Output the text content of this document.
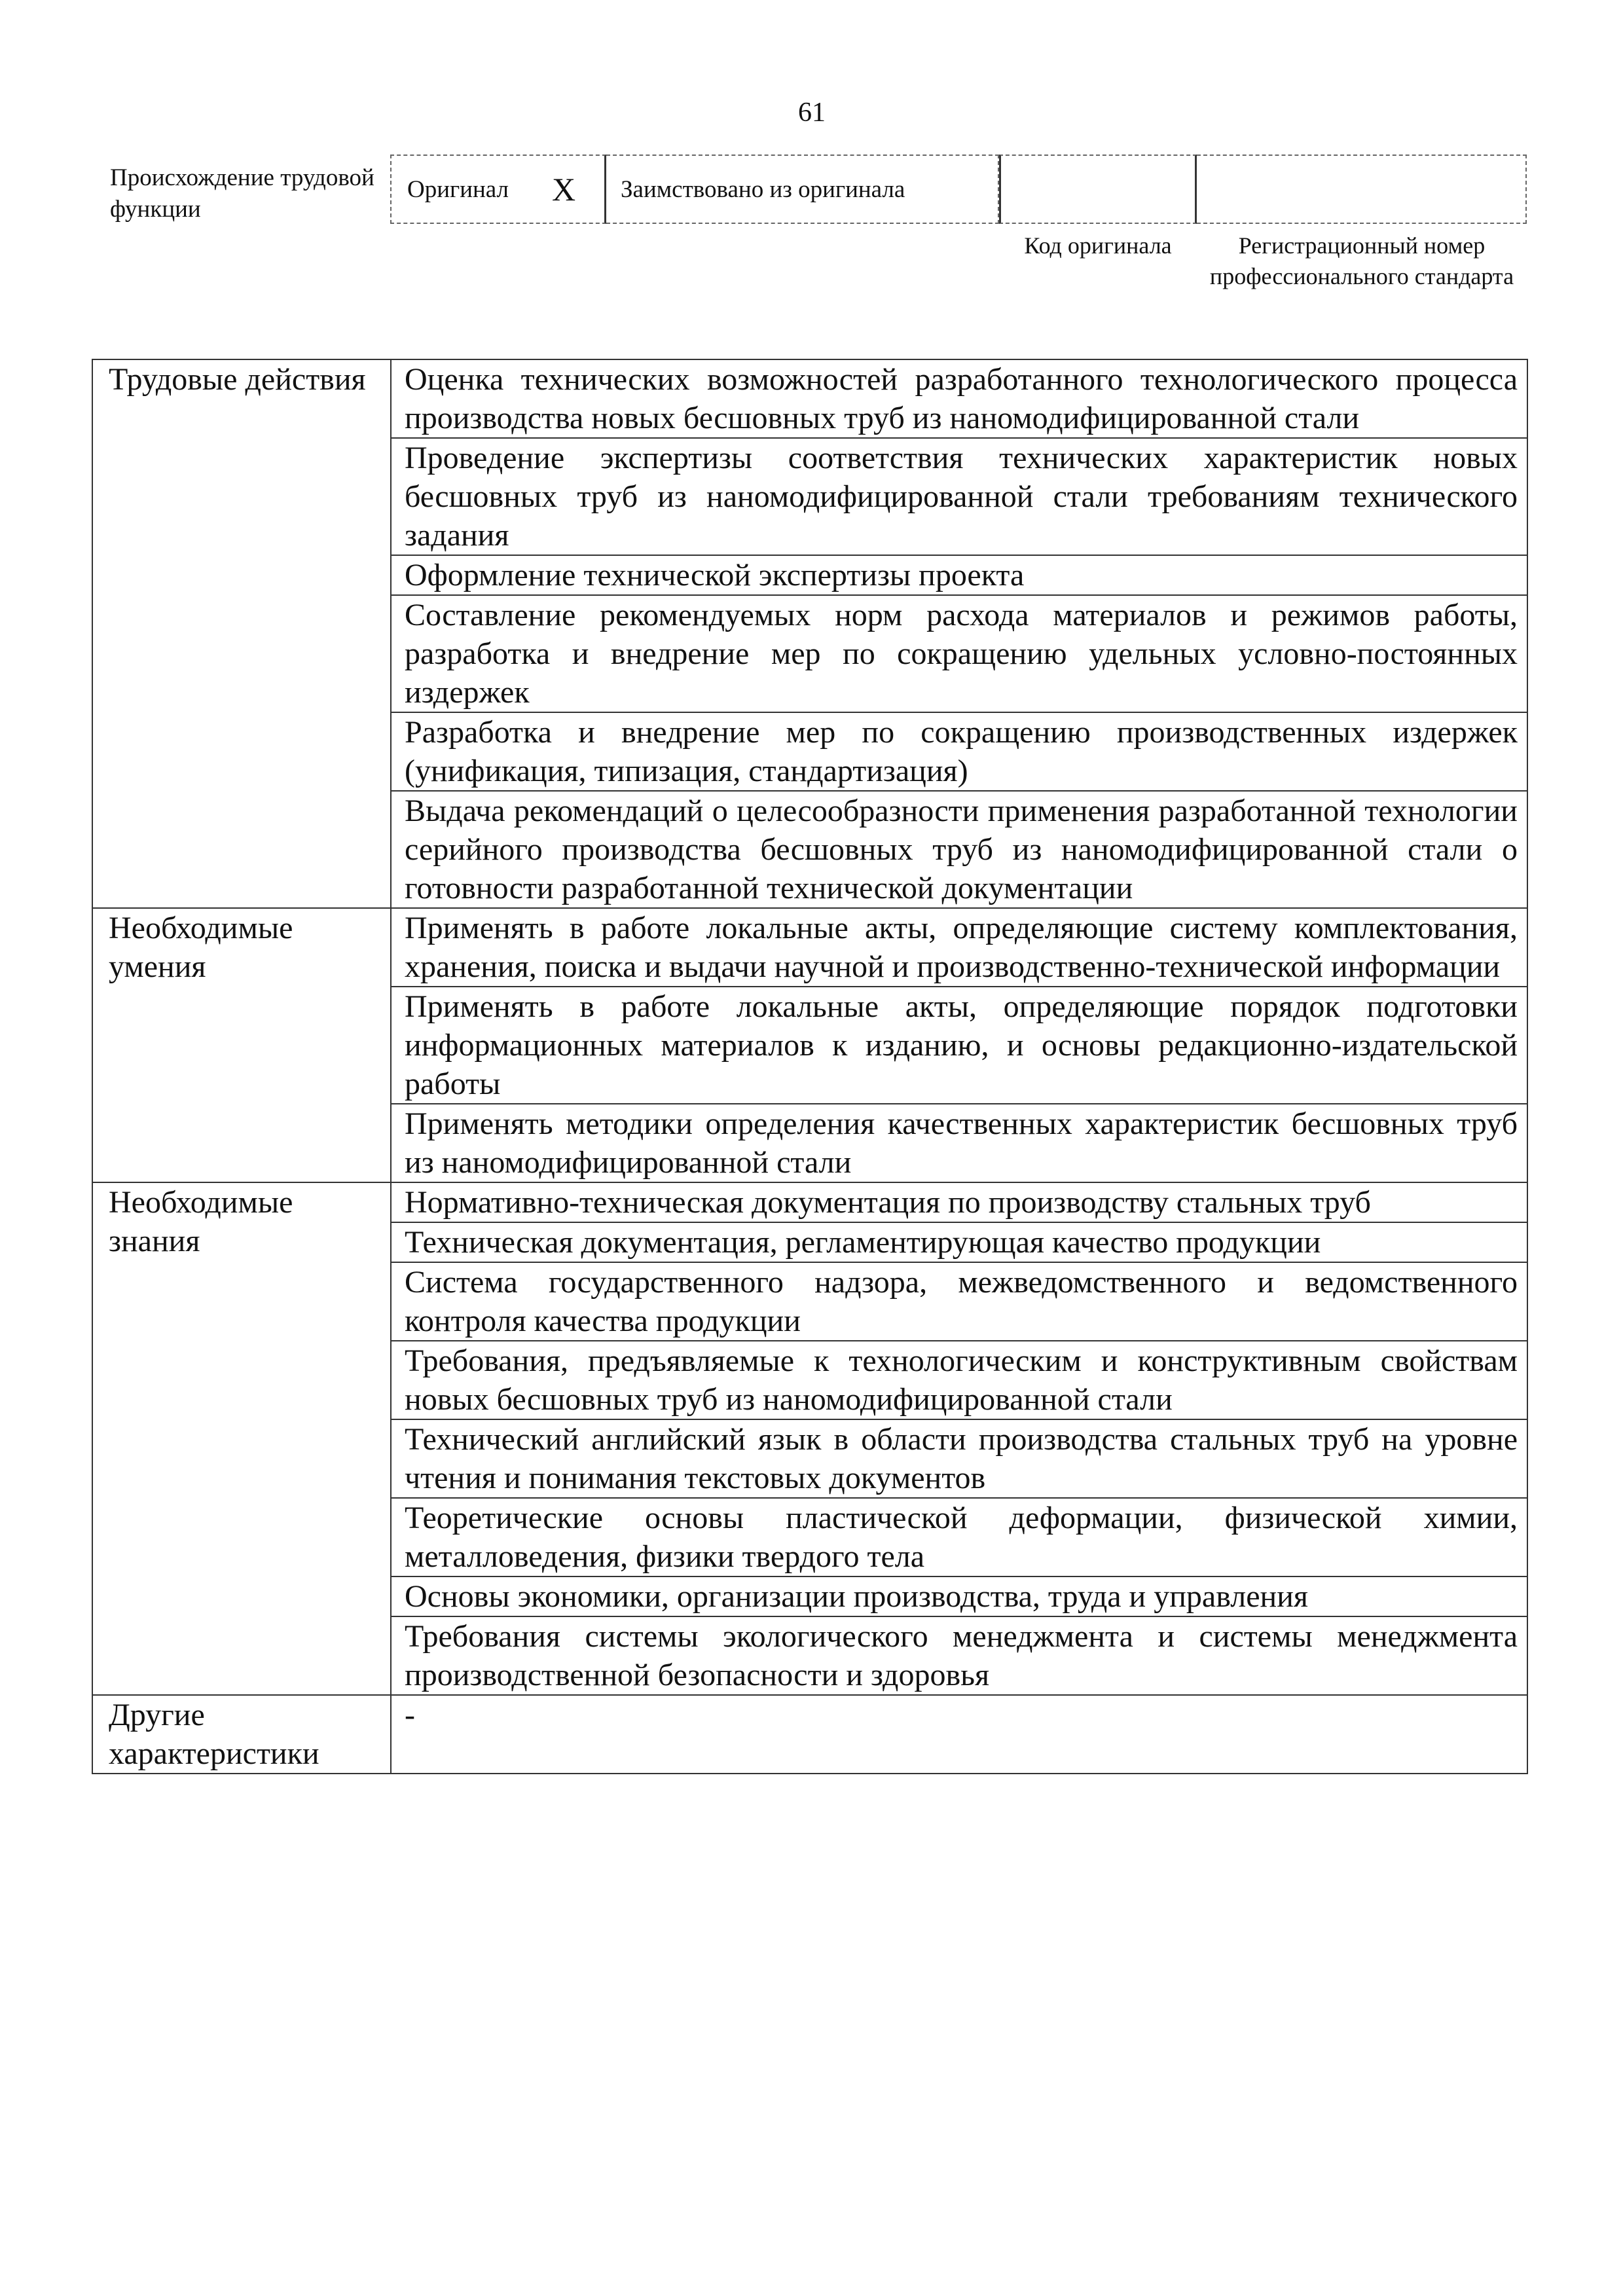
61
Происхождение трудовой функции
Оригинал X Заимствовано из оригинала
Код оригинала	Регистрационный номер профессионального стандарта
Трудовые действия	Оценка технических возможностей разработанного технологического процесса производства новых бесшовных труб из наномодифицированной стали
	Проведение экспертизы соответствия технических характеристик новых бесшовных труб из наномодифицированной стали требованиям технического задания
	Оформление технической экспертизы проекта
	Составление рекомендуемых норм расхода материалов и режимов работы, разработка и внедрение мер по сокращению удельных условно-постоянных издержек
	Разработка и внедрение мер по сокращению производственных издержек (унификация, типизация, стандартизация)
	Выдача рекомендаций о целесообразности применения разработанной технологии серийного производства бесшовных труб из наномодифицированной стали о готовности разработанной технической документации
Необходимые умения	Применять в работе локальные акты, определяющие систему комплектования, хранения, поиска и выдачи научной и производственно-технической информации
	Применять в работе локальные акты, определяющие порядок подготовки информационных материалов к изданию, и основы редакционно-издательской работы
	Применять методики определения качественных характеристик бесшовных труб из наномодифицированной стали
Необходимые знания	Нормативно-техническая документация по производству стальных труб
	Техническая документация, регламентирующая качество продукции
	Система государственного надзора, межведомственного и ведомственного контроля качества продукции
	Требования, предъявляемые к технологическим и конструктивным свойствам новых бесшовных труб из наномодифицированной стали
	Технический английский язык в области производства стальных труб на уровне чтения и понимания текстовых документов
	Теоретические основы пластической деформации, физической химии, металловедения, физики твердого тела
	Основы экономики, организации производства, труда и управления
	Требования системы экологического менеджмента и системы менеджмента производственной безопасности и здоровья
Другие характеристики	-
